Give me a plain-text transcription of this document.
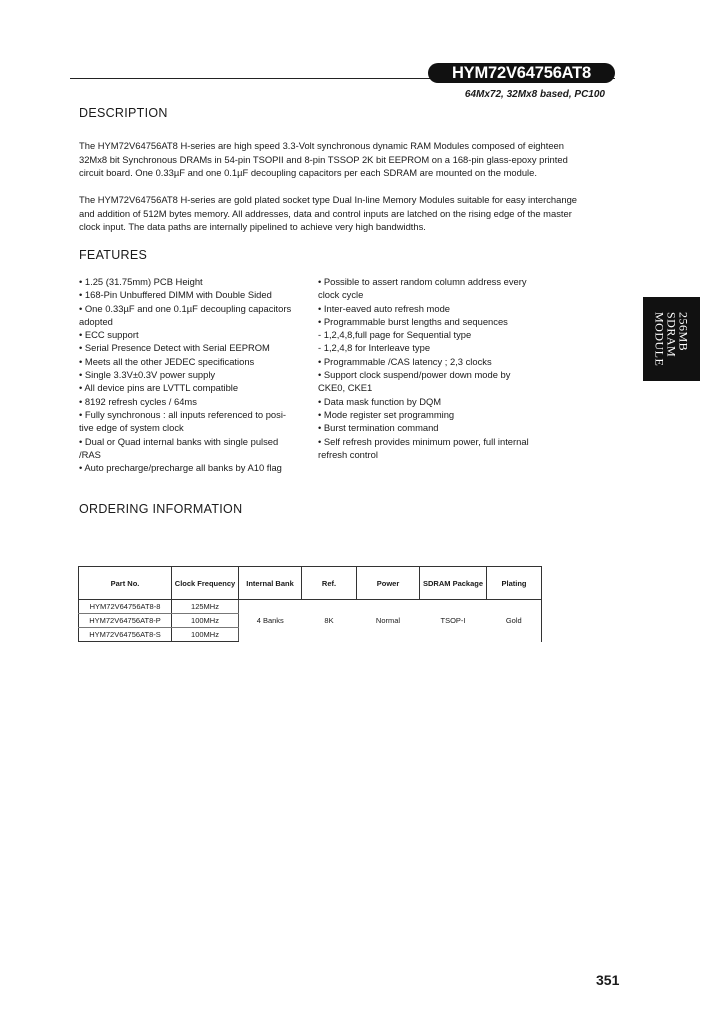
HYM72V64756AT8
64Mx72, 32Mx8 based, PC100
DESCRIPTION
The HYM72V64756AT8 H-series are high speed 3.3-Volt synchronous dynamic RAM Modules composed of eighteen
32Mx8 bit Synchronous DRAMs in 54-pin TSOPII and 8-pin TSSOP 2K bit EEPROM on a 168-pin glass-epoxy printed
circuit board. One 0.33µF and one 0.1µF decoupling capacitors per each SDRAM are mounted on the module.
The HYM72V64756AT8 H-series are gold plated socket type Dual In-line Memory Modules suitable for easy interchange
and addition of 512M bytes memory. All addresses, data and control inputs are latched on the rising edge of the master
clock input. The data paths are internally pipelined to achieve very high bandwidths.
FEATURES
• 1.25 (31.75mm) PCB Height
• 168-Pin Unbuffered DIMM with Double Sided
• One 0.33µF and one 0.1µF decoupling capacitors
adopted
• ECC support
• Serial Presence Detect with Serial EEPROM
• Meets all the other JEDEC specifications
• Single 3.3V±0.3V power supply
• All device pins are LVTTL compatible
• 8192 refresh cycles / 64ms
• Fully synchronous : all inputs referenced to posi-
tive edge of system clock
• Dual or Quad internal banks with single pulsed
/RAS
• Auto precharge/precharge all banks by A10 flag
• Possible to assert random column address every
clock cycle
• Inter-eaved auto refresh mode
• Programmable burst lengths and sequences
- 1,2,4,8,full page for Sequential type
- 1,2,4,8 for Interleave type
• Programmable /CAS latency ; 2,3 clocks
• Support clock suspend/power down mode by
CKE0, CKE1
• Data mask function by DQM
• Mode register set programming
• Burst termination command
• Self refresh provides minimum power, full internal
refresh control
256MB
SDRAM
MODULE
ORDERING INFORMATION
Part No.	Clock Frequency	Internal Bank	Ref.	Power	SDRAM Package	Plating
HYM72V64756AT8-8	125MHz	4 Banks	8K	Normal	TSOP-I	Gold
HYM72V64756AT8-P	100MHz					
HYM72V64756AT8-S	100MHz					
351
